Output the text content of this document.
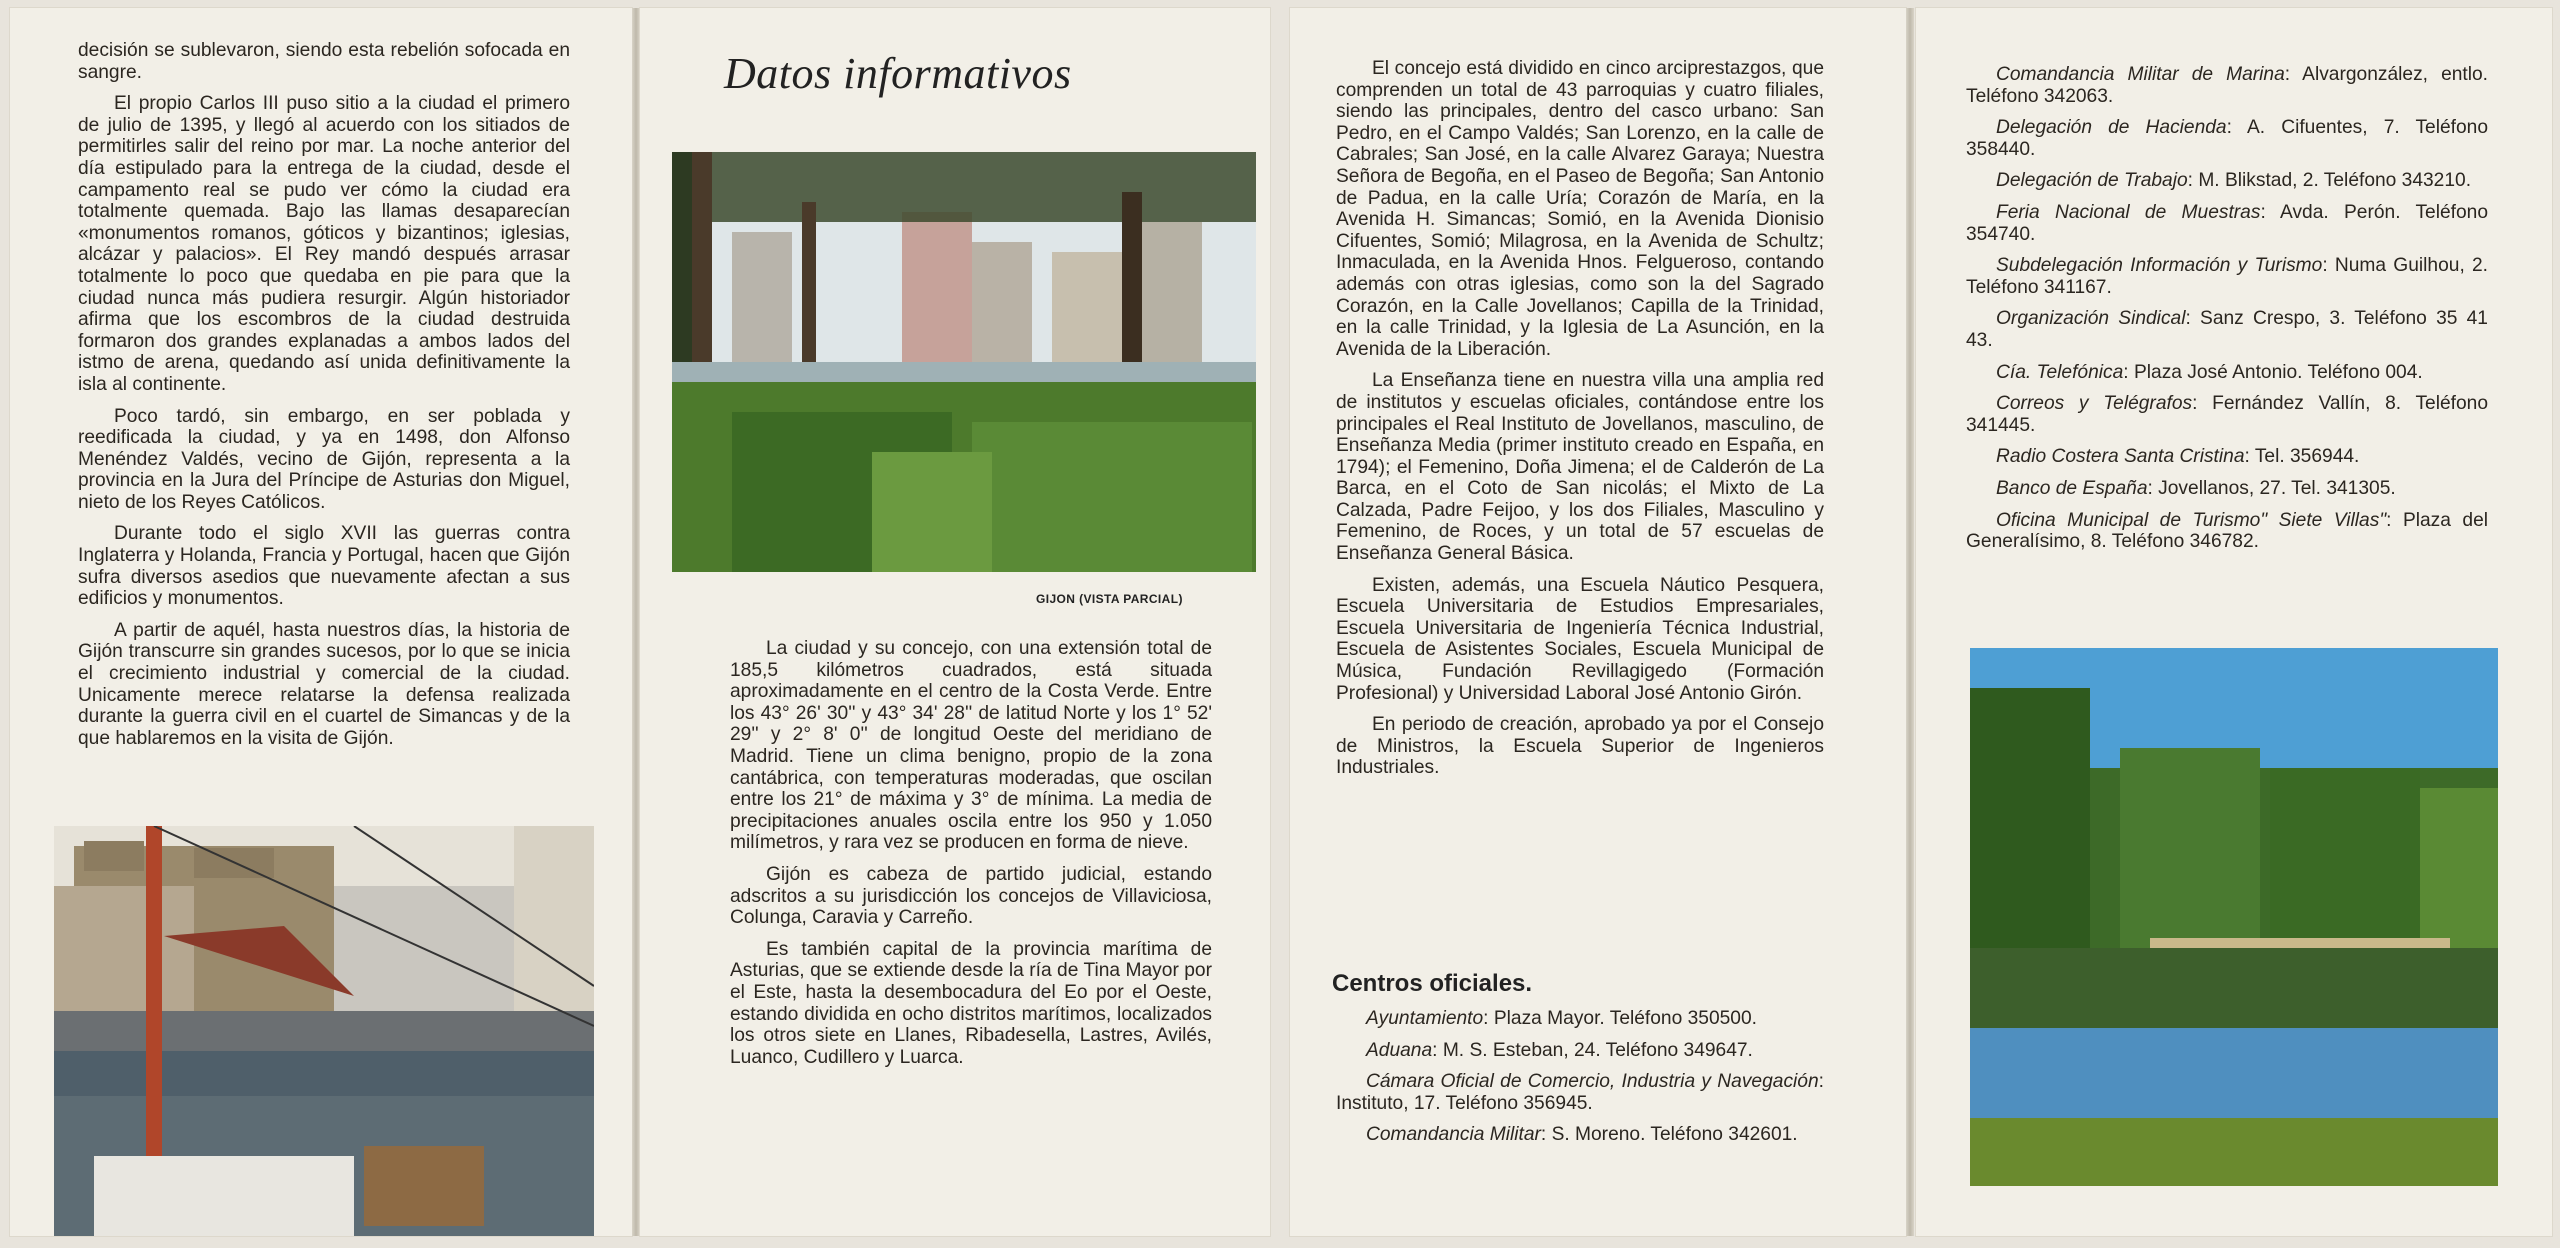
decisión se sublevaron, siendo esta rebelión sofocada en sangre.

El propio Carlos III puso sitio a la ciudad el primero de julio de 1395, y llegó al acuerdo con los sitiados de permitirles salir del reino por mar. La noche anterior del día estipulado para la entrega de la ciudad, desde el campamento real se pudo ver cómo la ciudad era totalmente quemada. Bajo las llamas desaparecían «monumentos romanos, góticos y bizantinos; iglesias, alcázar y palacios». El Rey mandó después arrasar totalmente lo poco que quedaba en pie para que la ciudad nunca más pudiera resurgir. Algún historiador afirma que los escombros de la ciudad destruida formaron dos grandes explanadas a ambos lados del istmo de arena, quedando así unida definitivamente la isla al continente.

Poco tardó, sin embargo, en ser poblada y reedificada la ciudad, y ya en 1498, don Alfonso Menéndez Valdés, vecino de Gijón, representa a la provincia en la Jura del Príncipe de Asturias don Miguel, nieto de los Reyes Católicos.

Durante todo el siglo XVII las guerras contra Inglaterra y Holanda, Francia y Portugal, hacen que Gijón sufra diversos asedios que nuevamente afectan a sus edificios y monumentos.

A partir de aquél, hasta nuestros días, la historia de Gijón transcurre sin grandes sucesos, por lo que se inicia el crecimiento industrial y comercial de la ciudad. Unicamente merece relatarse la defensa realizada durante la guerra civil en el cuartel de Simancas y de la que hablaremos en la visita de Gijón.

Datos informativos
GIJON (VISTA PARCIAL)

La ciudad y su concejo, con una extensión total de 185,5 kilómetros cuadrados, está situada aproximadamente en el centro de la Costa Verde. Entre los 43° 26' 30'' y 43° 34' 28'' de latitud Norte y los 1° 52' 29'' y 2° 8' 0'' de longitud Oeste del meridiano de Madrid. Tiene un clima benigno, propio de la zona cantábrica, con temperaturas moderadas, que oscilan entre los 21° de máxima y 3° de mínima. La media de precipitaciones anuales oscila entre los 950 y 1.050 milímetros, y rara vez se producen en forma de nieve.

Gijón es cabeza de partido judicial, estando adscritos a su jurisdicción los concejos de Villaviciosa, Colunga, Caravia y Carreño.

Es también capital de la provincia marítima de Asturias, que se extiende desde la ría de Tina Mayor por el Este, hasta la desembocadura del Eo por el Oeste, estando dividida en ocho distritos marítimos, localizados los otros siete en Llanes, Ribadesella, Lastres, Avilés, Luanco, Cudillero y Luarca.

El concejo está dividido en cinco arciprestazgos, que comprenden un total de 43 parroquias y cuatro filiales, siendo las principales, dentro del casco urbano: San Pedro, en el Campo Valdés; San Lorenzo, en la calle de Cabrales; San José, en la calle Alvarez Garaya; Nuestra Señora de Begoña, en el Paseo de Begoña; San Antonio de Padua, en la calle Uría; Corazón de María, en la Avenida H. Simancas; Somió, en la Avenida Dionisio Cifuentes, Somió; Milagrosa, en la Avenida de Schultz; Inmaculada, en la Avenida Hnos. Felgueroso, contando además con otras iglesias, como son la del Sagrado Corazón, en la Calle Jovellanos; Capilla de la Trinidad, en la calle Trinidad, y la Iglesia de La Asunción, en la Avenida de la Liberación.

La Enseñanza tiene en nuestra villa una amplia red de institutos y escuelas oficiales, contándose entre los principales el Real Instituto de Jovellanos, masculino, de Enseñanza Media (primer instituto creado en España, en 1794); el Femenino, Doña Jimena; el de Calderón de La Barca, en el Coto de San nicolás; el Mixto de La Calzada, Padre Feijoo, y los dos Filiales, Masculino y Femenino, de Roces, y un total de 57 escuelas de Enseñanza General Básica.

Existen, además, una Escuela Náutico Pesquera, Escuela Universitaria de Estudios Empresariales, Escuela Universitaria de Ingeniería Técnica Industrial, Escuela de Asistentes Sociales, Escuela Municipal de Música, Fundación Revillagigedo (Formación Profesional) y Universidad Laboral José Antonio Girón.

En periodo de creación, aprobado ya por el Consejo de Ministros, la Escuela Superior de Ingenieros Industriales.

Centros oficiales.

Ayuntamiento: Plaza Mayor. Teléfono 350500.

Aduana: M. S. Esteban, 24. Teléfono 349647.

Cámara Oficial de Comercio, Industria y Navegación: Instituto, 17. Teléfono 356945.

Comandancia Militar: S. Moreno. Teléfono 342601.

Comandancia Militar de Marina: Alvargonzález, entlo. Teléfono 342063.

Delegación de Hacienda: A. Cifuentes, 7. Teléfono 358440.

Delegación de Trabajo: M. Blikstad, 2. Teléfono 343210.

Feria Nacional de Muestras: Avda. Perón. Teléfono 354740.

Subdelegación Información y Turismo: Numa Guilhou, 2. Teléfono 341167.

Organización Sindical: Sanz Crespo, 3. Teléfono 35 41 43.

Cía. Telefónica: Plaza José Antonio. Teléfono 004.

Correos y Telégrafos: Fernández Vallín, 8. Teléfono 341445.

Radio Costera Santa Cristina: Tel. 356944.

Banco de España: Jovellanos, 27. Tel. 341305.

Oficina Municipal de Turismo" Siete Villas": Plaza del Generalísimo, 8. Teléfono 346782.
